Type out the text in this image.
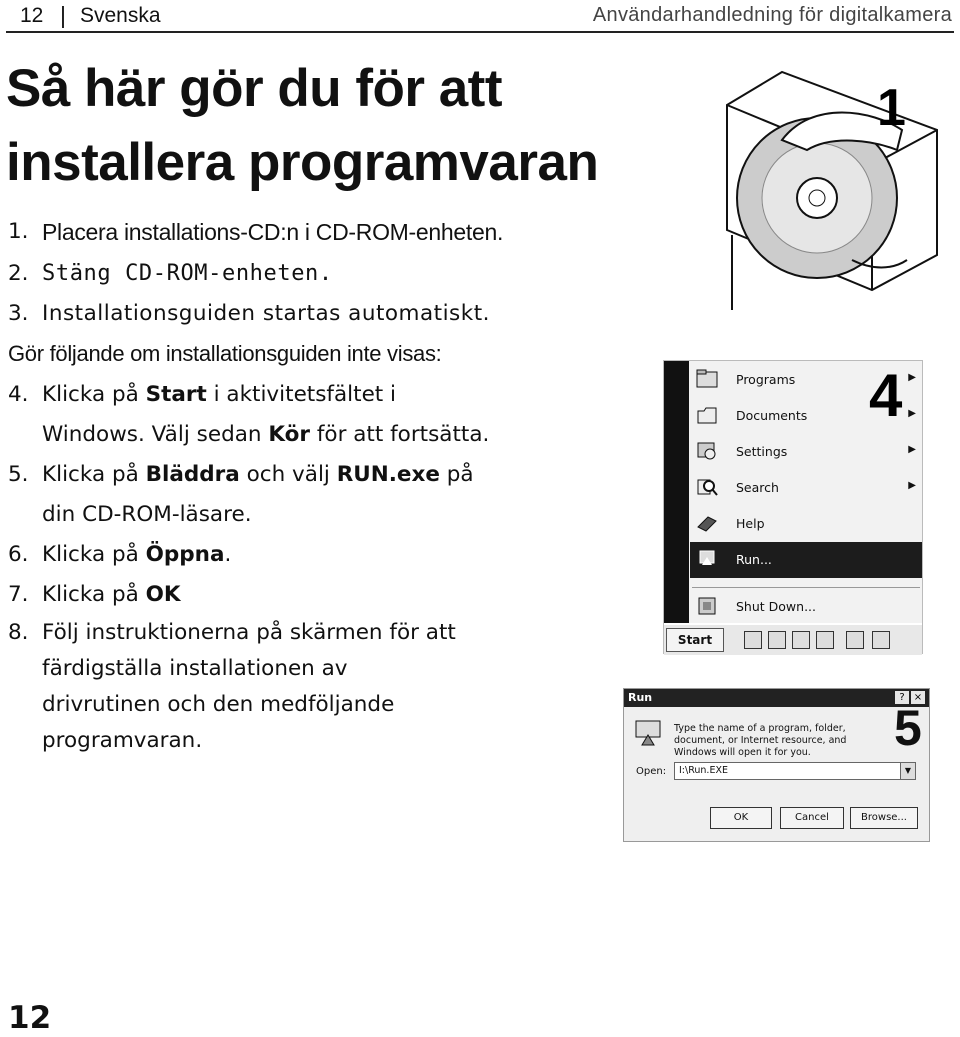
12 | Svenska	Användarhandledning för digitalkamera
Så här gör du för att installera programvaran
1. Placera installations-CD:n i CD-ROM-enheten.
2. Stäng CD-ROM-enheten.
3. Installationsguiden startas automatiskt.
Gör följande om installationsguiden inte visas:
4. Klicka på Start i aktivitetsfältet i
Windows. Välj sedan Kör för att fortsätta.
5. Klicka på Bläddra och välj RUN.exe på
din CD-ROM-läsare.
6. Klicka på Öppna.
7. Klicka på OK
8. Följ instruktionerna på skärmen för att
färdigställa installationen av
drivrutinen och den medföljande
programvaran.
1
Programs	▶
Documents	▶
Settings	▶
Search	▶
Help
Run...
Shut Down...
4
Start
Run	? ×
Type the name of a program, folder, document, or Internet resource, and Windows will open it for you.
Open: I:\Run.EXE	▼
OK	Cancel	Browse...
5
12
